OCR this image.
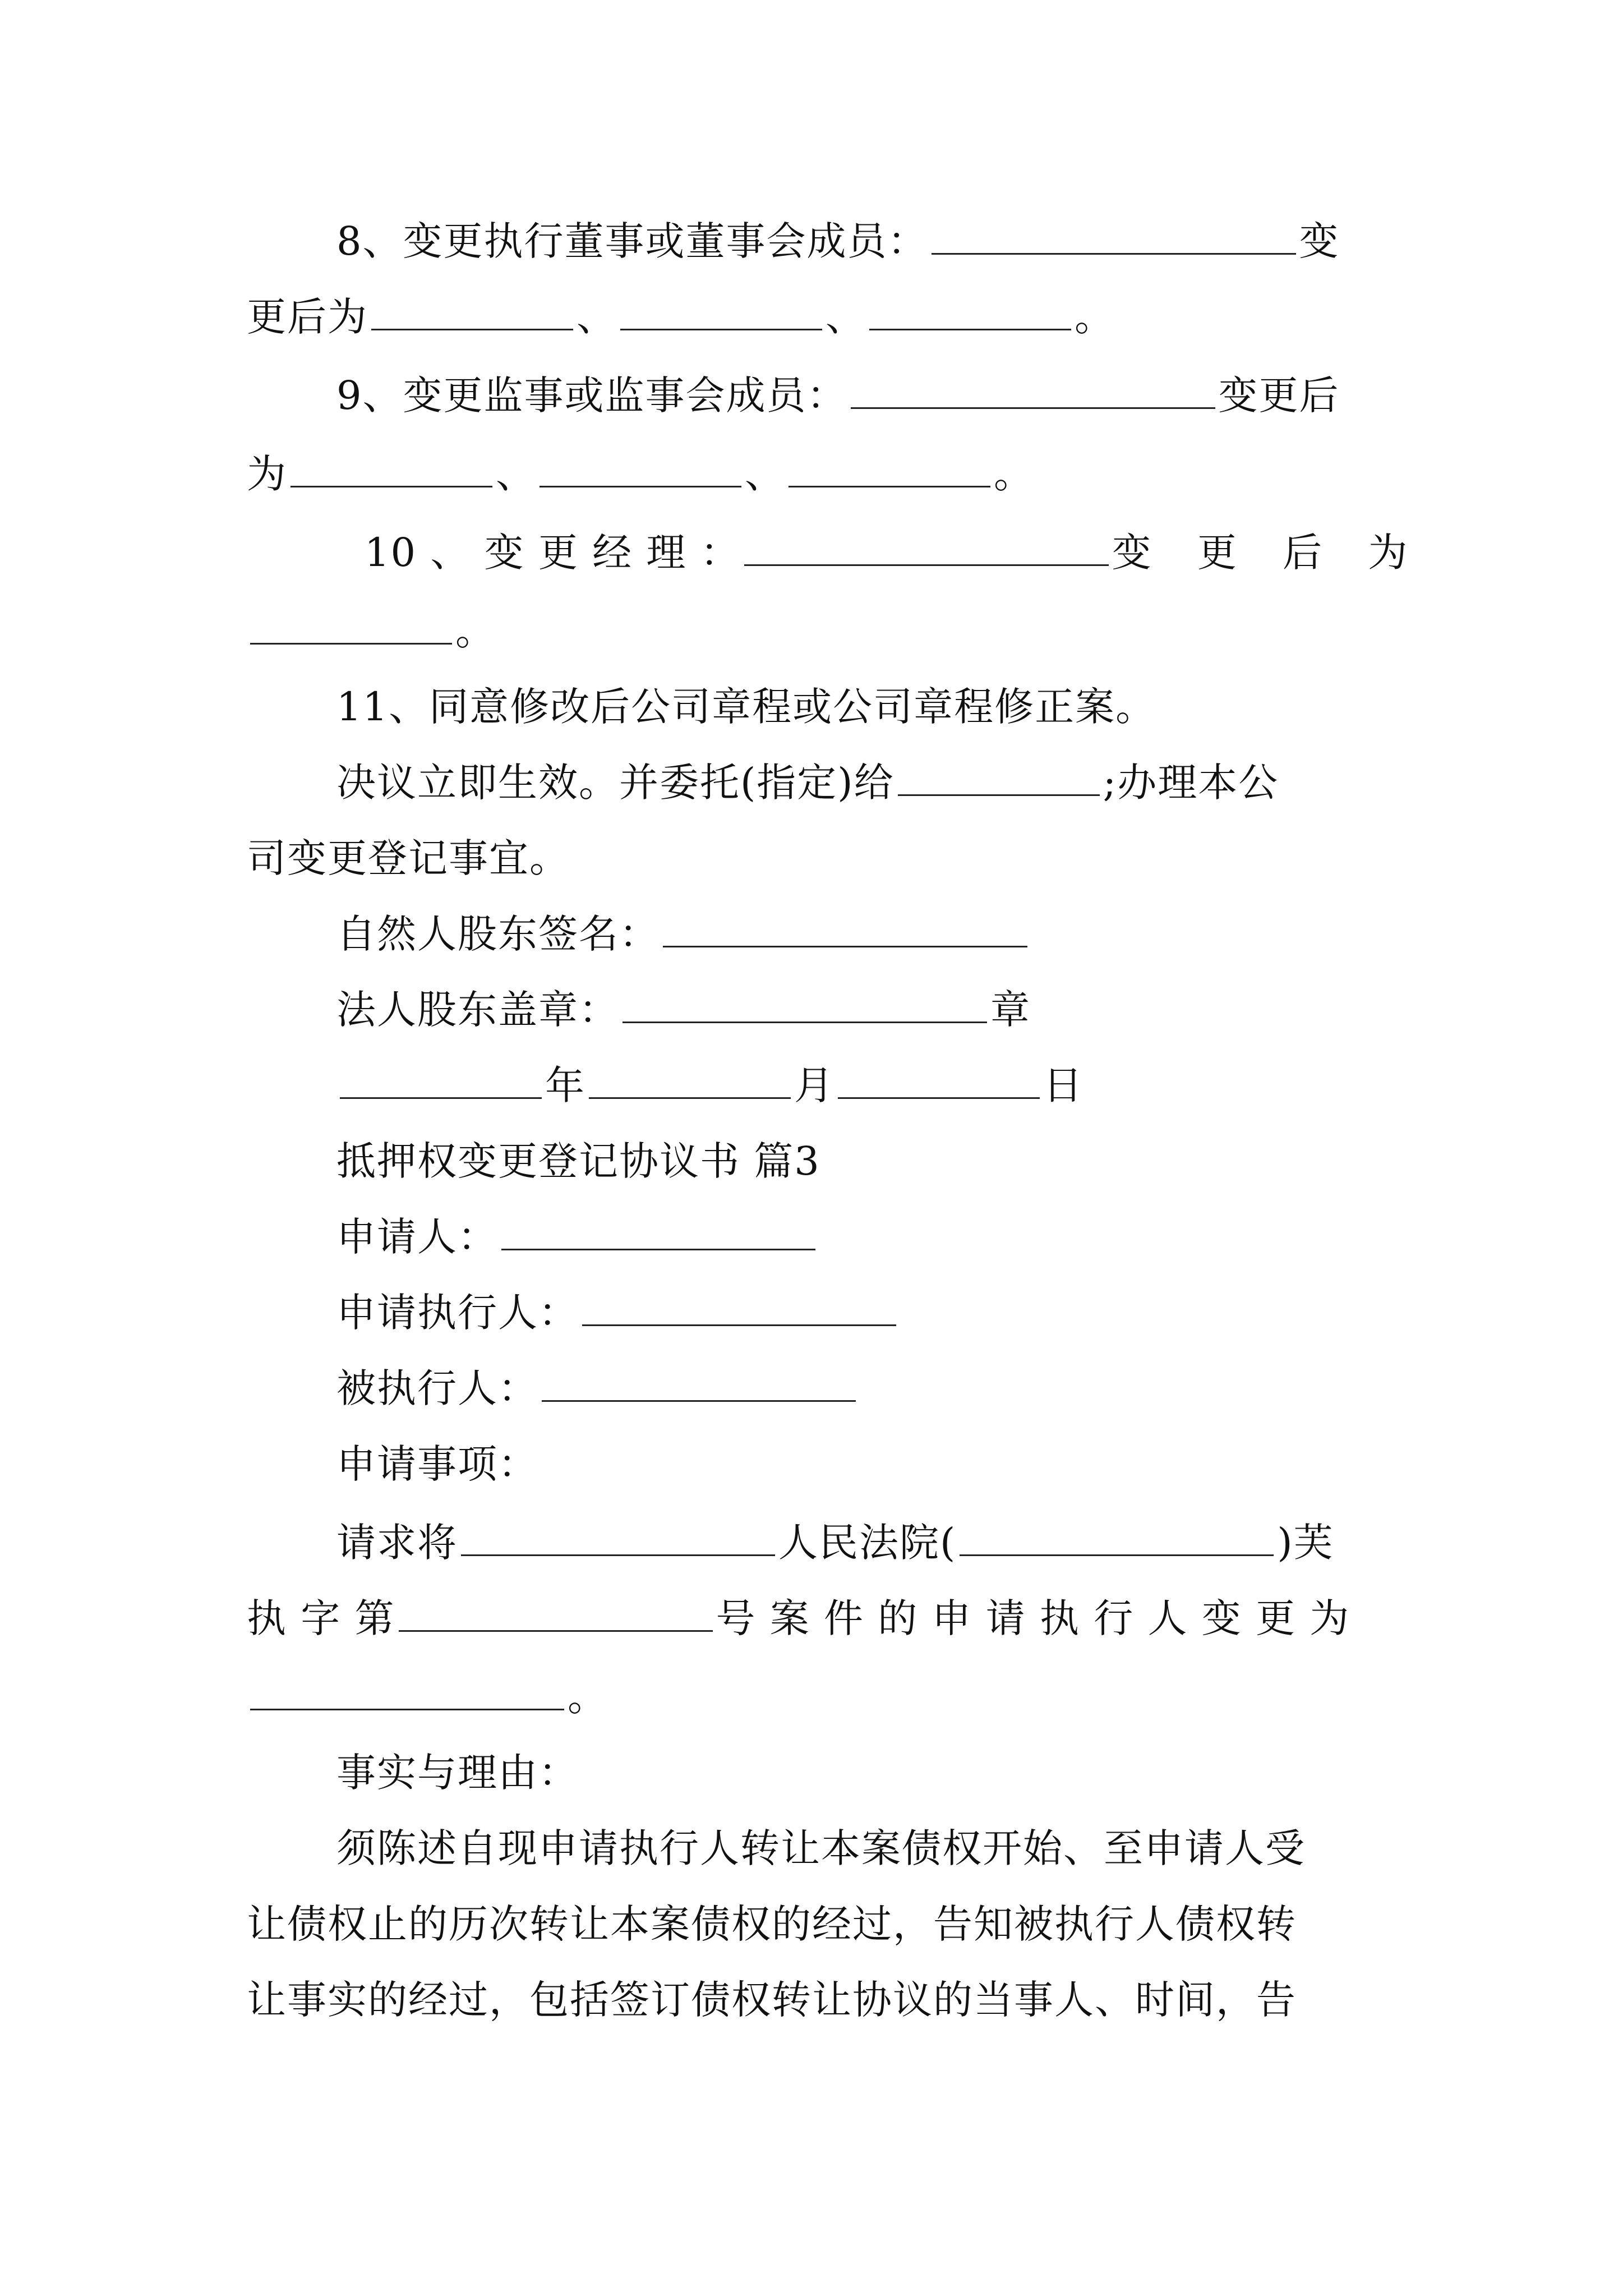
8、变更执行董事或董事会成员：	变
更后为	、	、	。
9、变更监事或监事会成员：	变更后
为	、	、	。
10 、 变 更 经 理 ：	变 更 后 为
。
11、同意修改后公司章程或公司章程修正案。
决议立即生效。并委托(指定)给	;办理本公
司变更登记事宜。
自然人股东签名：
法人股东盖章：	章
年	月	日
抵押权变更登记协议书 篇3
申请人：
申请执行人：
被执行人：
申请事项：
请求将	人民法院(	)芙
执 字 第	号 案 件 的 申 请 执 行 人 变 更 为
。
事实与理由：
须陈述自现申请执行人转让本案债权开始、至申请人受
让债权止的历次转让本案债权的经过，告知被执行人债权转
让事实的经过，包括签订债权转让协议的当事人、时间，告
